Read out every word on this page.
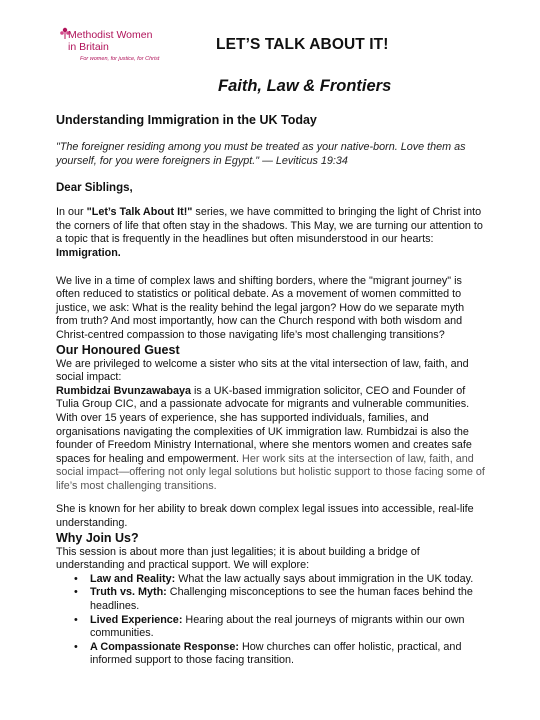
Methodist Women
in Britain
For women, for justice, for Christ
LET’S TALK ABOUT IT!
Faith, Law & Frontiers

Understanding Immigration in the UK Today

"The foreigner residing among you must be treated as your native-born. Love them as yourself, for you were foreigners in Egypt." — Leviticus 19:34

Dear Siblings,

In our "Let’s Talk About It!" series, we have committed to bringing the light of Christ into the corners of life that often stay in the shadows. This May, we are turning our attention to a topic that is frequently in the headlines but often misunderstood in our hearts: Immigration.

We live in a time of complex laws and shifting borders, where the "migrant journey" is often reduced to statistics or political debate. As a movement of women committed to justice, we ask: What is the reality behind the legal jargon? How do we separate myth from truth? And most importantly, how can the Church respond with both wisdom and Christ-centred compassion to those navigating life’s most challenging transitions?

Our Honoured Guest

We are privileged to welcome a sister who sits at the vital intersection of law, faith, and social impact:

Rumbidzai Bvunzawabaya is a UK-based immigration solicitor, CEO and Founder of Tulia Group CIC, and a passionate advocate for migrants and vulnerable communities. With over 15 years of experience, she has supported individuals, families, and organisations navigating the complexities of UK immigration law. Rumbidzai is also the founder of Freedom Ministry International, where she mentors women and creates safe spaces for healing and empowerment. Her work sits at the intersection of law, faith, and social impact—offering not only legal solutions but holistic support to those facing some of life’s most challenging transitions.

She is known for her ability to break down complex legal issues into accessible, real-life understanding.

Why Join Us?

This session is about more than just legalities; it is about building a bridge of understanding and practical support. We will explore:

• Law and Reality: What the law actually says about immigration in the UK today.
• Truth vs. Myth: Challenging misconceptions to see the human faces behind the headlines.
• Lived Experience: Hearing about the real journeys of migrants within our own communities.
• A Compassionate Response: How churches can offer holistic, practical, and informed support to those facing transition.
